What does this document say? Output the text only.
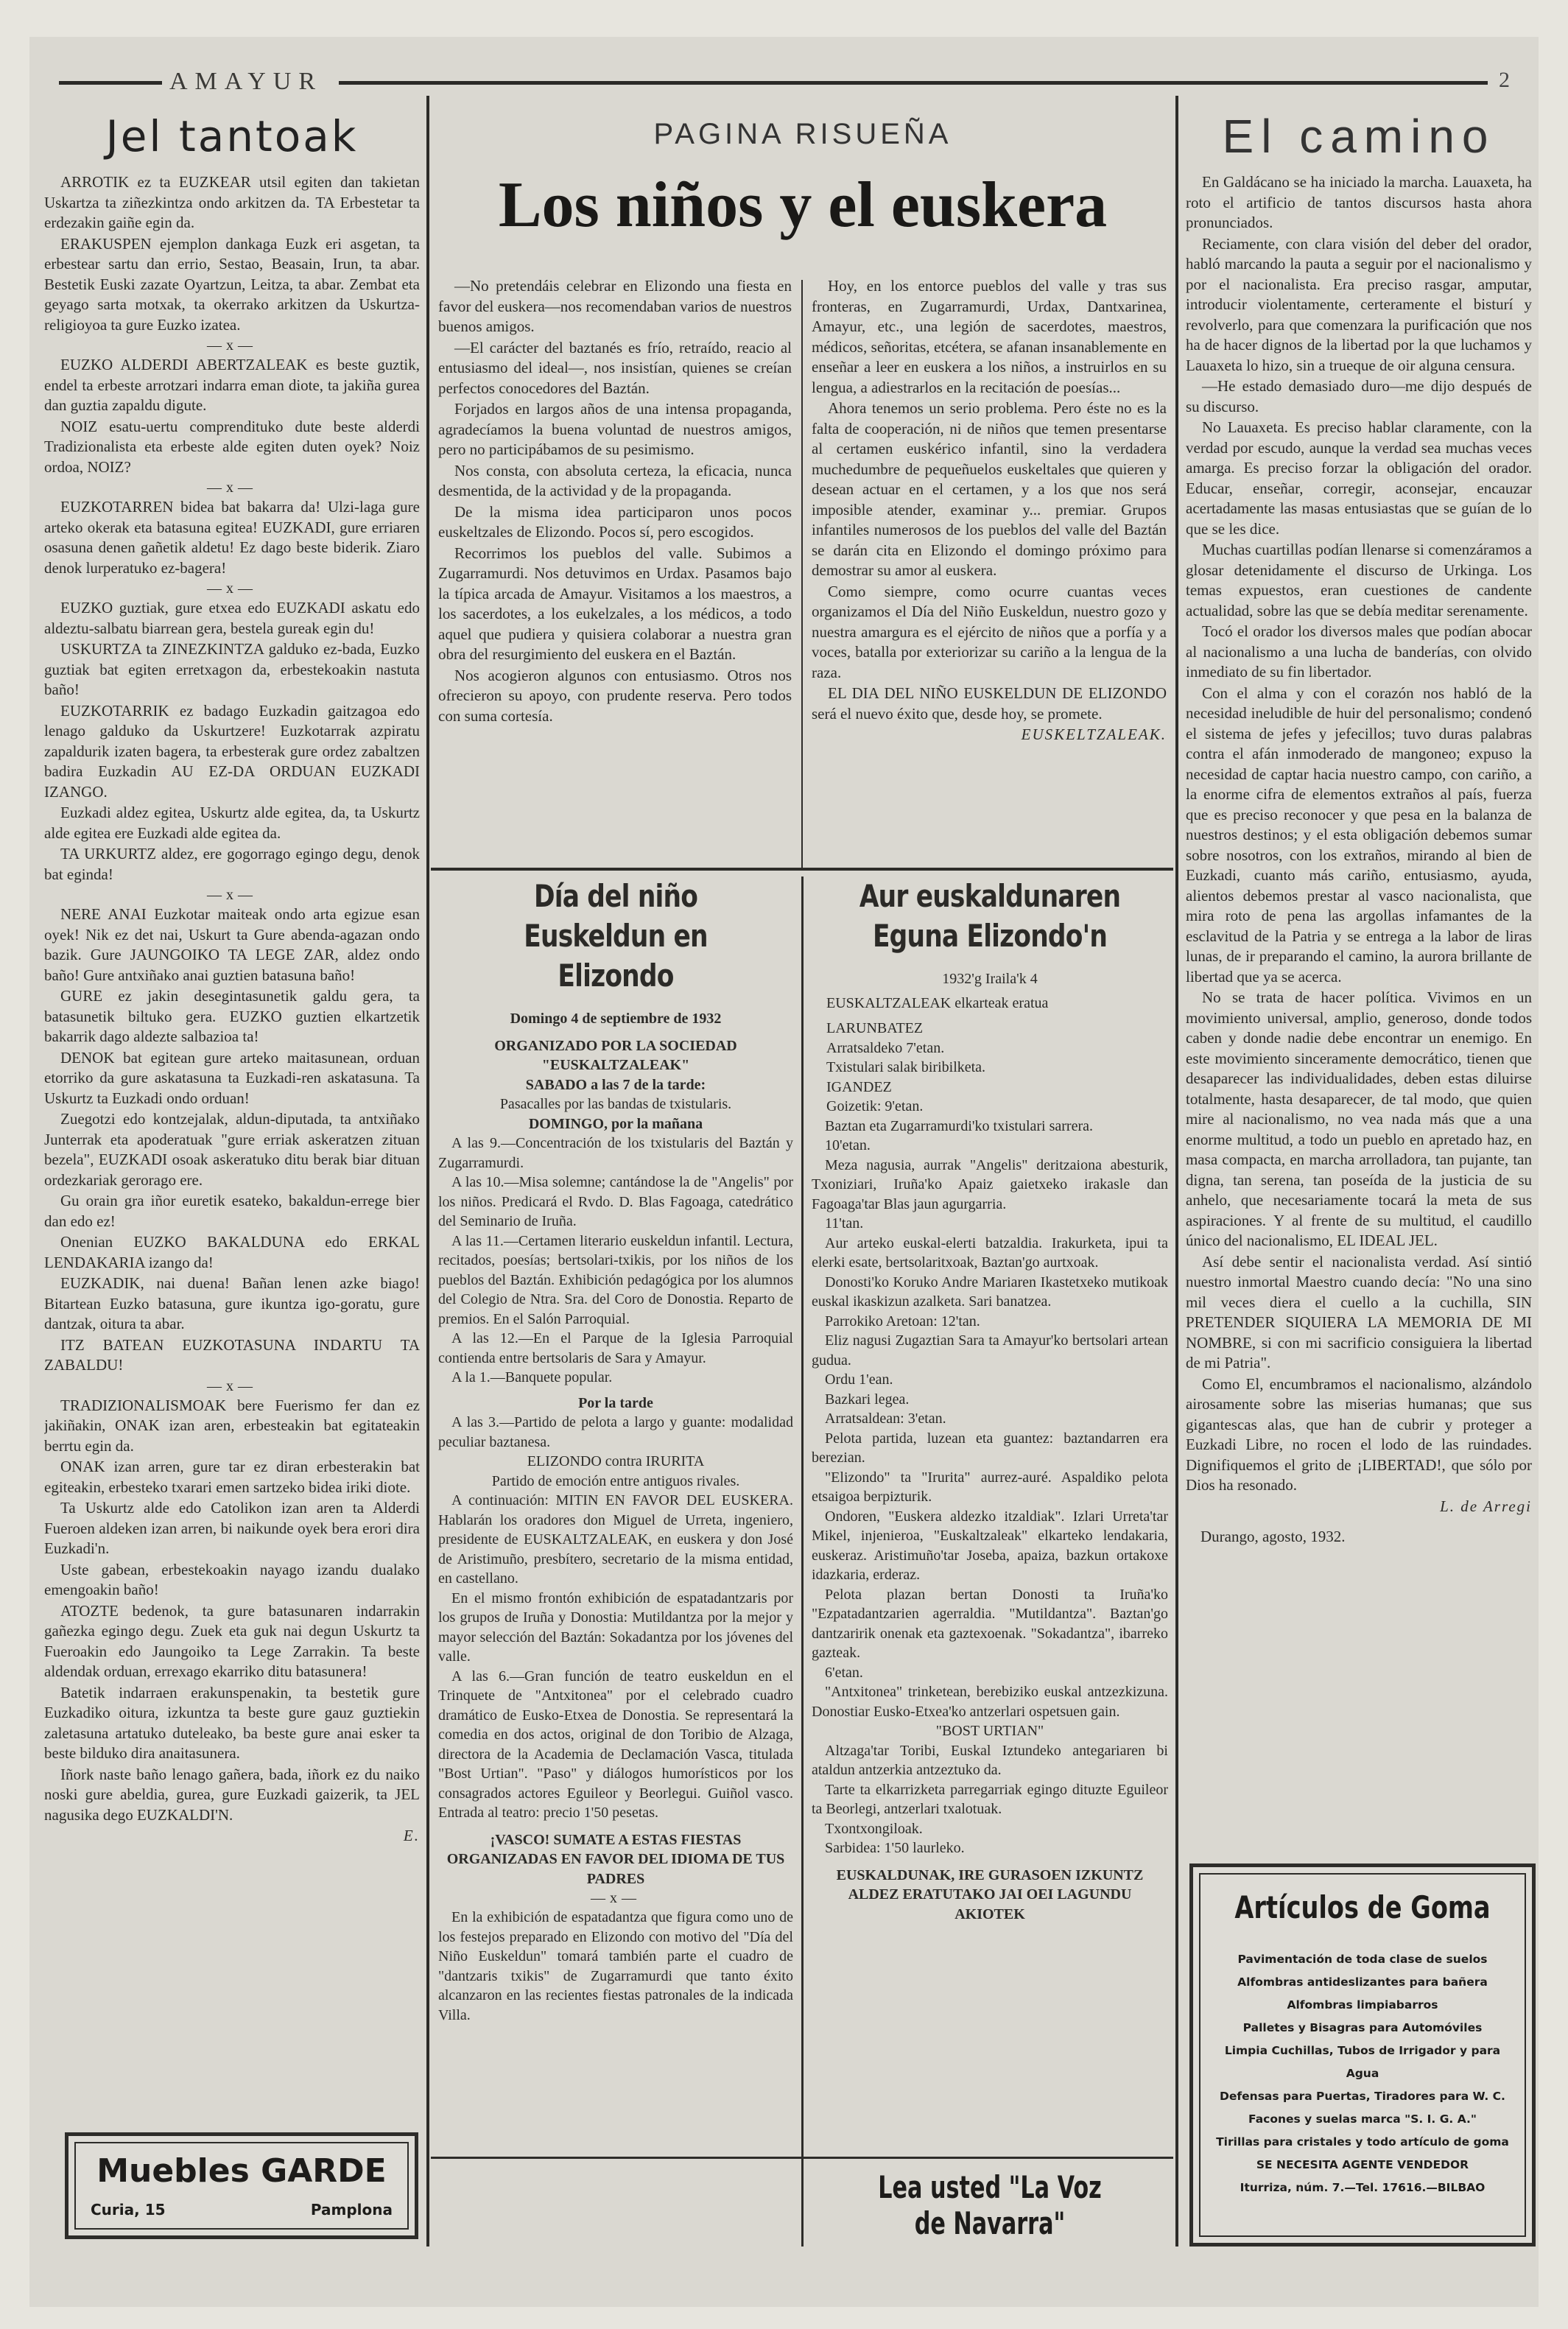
AMAYUR	2
Jel tantoak

ARROTIK ez ta EUZKEAR utsil egiten dan takietan Uskartza ta ziñezkintza ondo arkitzen da. TA Erbestetar ta erdezakin gaiñe egin da.

ERAKUSPEN ejemplon dankaga Euzk eri asgetan, ta erbestear sartu dan errio, Sestao, Beasain, Irun, ta abar. Bestetik Euski zazate Oyartzun, Leitza, ta abar. Zembat eta geyago sarta motxak, ta okerrako arkitzen da Uskurtza-religioyoa ta gure Euzko izatea.

—x—

EUZKO ALDERDI ABERTZALEAK es beste guztik, endel ta erbeste arrotzari indarra eman diote, ta jakiña gurea dan guztia zapaldu digute.

NOIZ esatu-uertu comprendituko dute beste alderdi Tradizionalista eta erbeste alde egiten duten oyek? Noiz ordoa, NOIZ?

—x—

EUZKOTARREN bidea bat bakarra da! Ulzi-laga gure arteko okerak eta batasuna egitea! EUZKADI, gure erriaren osasuna denen gañetik aldetu! Ez dago beste biderik. Ziaro denok lurperatuko ez-bagera!

—x—

EUZKO guztiak, gure etxea edo EUZKADI askatu edo aldeztu-salbatu biarrean gera, bestela gureak egin du!

USKURTZA ta ZINEZKINTZA galduko ez-bada, Euzko guztiak bat egiten erretxagon da, erbestekoakin nastuta baño!

EUZKOTARRIK ez badago Euzkadin gaitzagoa edo lenago galduko da Uskurtzere! Euzkotarrak azpiratu zapaldurik izaten bagera, ta erbesterak gure ordez zabaltzen badira Euzkadin AU EZ-DA ORDUAN EUZKADI IZANGO.

Euzkadi aldez egitea, Uskurtz alde egitea, da, ta Uskurtz alde egitea ere Euzkadi alde egitea da.

TA URKURTZ aldez, ere gogorrago egingo degu, denok bat eginda!

—x—

NERE ANAI Euzkotar maiteak ondo arta egizue esan oyek! Nik ez det nai, Uskurt ta Gure abenda-agazan ondo bazik. Gure JAUNGOIKO TA LEGE ZAR, aldez ondo baño! Gure antxiñako anai guztien batasuna baño!

GURE ez jakin desegintasunetik galdu gera, ta batasunetik biltuko gera. EUZKO guztien elkartzetik bakarrik dago aldezte salbazioa ta!

DENOK bat egitean gure arteko maitasunean, orduan etorriko da gure askatasuna ta Euzkadi-ren askatasuna. Ta Uskurtz ta Euzkadi ondo orduan!

Zuegotzi edo kontzejalak, aldun-diputada, ta antxiñako Junterrak eta apoderatuak "gure erriak askeratzen zituan bezela", EUZKADI osoak askeratuko ditu berak biar dituan ordezkariak gerorago ere.

Gu orain gra iñor euretik esateko, bakaldun-errege bier dan edo ez!

Onenian EUZKO BAKALDUNA edo ERKAL LENDAKARIA izango da!

EUZKADIK, nai duena! Bañan lenen azke biago! Bitartean Euzko batasuna, gure ikuntza igo-goratu, gure dantzak, oitura ta abar.

ITZ BATEAN EUZKOTASUNA INDARTU TA ZABALDU!

—x—

TRADIZIONALISMOAK bere Fuerismo fer dan ez jakiñakin, ONAK izan aren, erbesteakin bat egitateakin berrtu egin da.

ONAK izan arren, gure tar ez diran erbesterakin bat egiteakin, erbesteko txarari emen sartzeko bidea iriki diote.

Ta Uskurtz alde edo Catolikon izan aren ta Alderdi Fueroen aldeken izan arren, bi naikunde oyek bera erori dira Euzkadi'n.

Uste gabean, erbestekoakin nayago izandu dualako emengoakin baño!

ATOZTE bedenok, ta gure batasunaren indarrakin gañezka egingo degu. Zuek eta guk nai degun Uskurtz ta Fueroakin edo Jaungoiko ta Lege Zarrakin. Ta beste aldendak orduan, errexago ekarriko ditu batasunera!

Batetik indarraen erakunspenakin, ta bestetik gure Euzkadiko oitura, izkuntza ta beste gure gauz guztiekin zaletasuna artatuko duteleako, ba beste gure anai esker ta beste bilduko dira anaitasunera.

Iñork naste baño lenago gañera, bada, iñork ez du naiko noski gure abeldia, gurea, gure Euzkadi gaizerik, ta JEL nagusika dego EUZKALDI'N.

E.
Muebles GARDE
Curia, 15	Pamplona
PAGINA RISUEÑA
Los niños y el euskera

—No pretendáis celebrar en Elizondo una fiesta en favor del euskera—nos recomendaban varios de nuestros buenos amigos.

—El carácter del baztanés es frío, retraído, reacio al entusiasmo del ideal—, nos insistían, quienes se creían perfectos conocedores del Baztán.

Forjados en largos años de una intensa propaganda, agradecíamos la buena voluntad de nuestros amigos, pero no participábamos de su pesimismo.

Nos consta, con absoluta certeza, la eficacia, nunca desmentida, de la actividad y de la propaganda.

De la misma idea participaron unos pocos euskeltzales de Elizondo. Pocos sí, pero escogidos.

Recorrimos los pueblos del valle. Subimos a Zugarramurdi. Nos detuvimos en Urdax. Pasamos bajo la típica arcada de Amayur. Visitamos a los maestros, a los sacerdotes, a los eukelzales, a los médicos, a todo aquel que pudiera y quisiera colaborar a nuestra gran obra del resurgimiento del euskera en el Baztán.

Nos acogieron algunos con entusiasmo. Otros nos ofrecieron su apoyo, con prudente reserva. Pero todos con suma cortesía.

Hoy, en los entorce pueblos del valle y tras sus fronteras, en Zugarramurdi, Urdax, Dantxarinea, Amayur, etc., una legión de sacerdotes, maestros, médicos, señoritas, etcétera, se afanan insanablemente en enseñar a leer en euskera a los niños, a instruirlos en su lengua, a adiestrarlos en la recitación de poesías...

Ahora tenemos un serio problema. Pero éste no es la falta de cooperación, ni de niños que temen presentarse al certamen euskérico infantil, sino la verdadera muchedumbre de pequeñuelos euskeltales que quieren y desean actuar en el certamen, y a los que nos será imposible atender, examinar y... premiar. Grupos infantiles numerosos de los pueblos del valle del Baztán se darán cita en Elizondo el domingo próximo para demostrar su amor al euskera.

Como siempre, como ocurre cuantas veces organizamos el Día del Niño Euskeldun, nuestro gozo y nuestra amargura es el ejército de niños que a porfía y a voces, batalla por exteriorizar su cariño a la lengua de la raza.

EL DIA DEL NIÑO EUSKELDUN DE ELIZONDO será el nuevo éxito que, desde hoy, se promete.

EUSKELTZALEAK.
Día del niño Euskeldun en Elizondo
Domingo 4 de septiembre de 1932
ORGANIZADO POR LA SOCIEDAD "EUSKALTZALEAK"
SABADO a las 7 de la tarde:
Pasacalles por las bandas de txistularis.
DOMINGO, por la mañana

A las 9.—Concentración de los txistularis del Baztán y Zugarramurdi.

A las 10.—Misa solemne; cantándose la de "Angelis" por los niños. Predicará el Rvdo. D. Blas Fagoaga, catedrático del Seminario de Iruña.

A las 11.—Certamen literario euskeldun infantil. Lectura, recitados, poesías; bertsolari-txikis, por los niños de los pueblos del Baztán. Exhibición pedagógica por los alumnos del Colegio de Ntra. Sra. del Coro de Donostia. Reparto de premios. En el Salón Parroquial.

A las 12.—En el Parque de la Iglesia Parroquial contienda entre bertsolaris de Sara y Amayur.

A la 1.—Banquete popular.

Por la tarde

A las 3.—Partido de pelota a largo y guante: modalidad peculiar baztanesa.

ELIZONDO contra IRURITA
Partido de emoción entre antiguos rivales.

A continuación: MITIN EN FAVOR DEL EUSKERA. Hablarán los oradores don Miguel de Urreta, ingeniero, presidente de EUSKALTZALEAK, en euskera y don José de Aristimuño, presbítero, secretario de la misma entidad, en castellano.

En el mismo frontón exhibición de espatadantzaris por los grupos de Iruña y Donostia: Mutildantza por la mejor y mayor selección del Baztán: Sokadantza por los jóvenes del valle.

A las 6.—Gran función de teatro euskeldun en el Trinquete de "Antxitonea" por el celebrado cuadro dramático de Eusko-Etxea de Donostia. Se representará la comedia en dos actos, original de don Toribio de Alzaga, directora de la Academia de Declamación Vasca, titulada "Bost Urtian". "Paso" y diálogos humorísticos por los consagrados actores Eguileor y Beorlegui. Guiñol vasco. Entrada al teatro: precio 1'50 pesetas.

¡VASCO! SUMATE A ESTAS FIESTAS ORGANIZADAS EN FAVOR DEL IDIOMA DE TUS PADRES
—x—

En la exhibición de espatadantza que figura como uno de los festejos preparado en Elizondo con motivo del "Día del Niño Euskeldun" tomará también parte el cuadro de "dantzaris txikis" de Zugarramurdi que tanto éxito alcanzaron en las recientes fiestas patronales de la indicada Villa.

Aur euskaldunaren Eguna Elizondo'n
1932'g Iraila'k 4
EUSKALTZALEAK elkarteak eratua
LARUNBATEZ
Arratsaldeko 7'etan.
Txistulari salak biribilketa.
IGANDEZ
Goizetik: 9'etan.

Baztan eta Zugarramurdi'ko txistulari sarrera.

10'etan.

Meza nagusia, aurrak "Angelis" deritzaiona abesturik, Txoniziari, Iruña'ko Apaiz gaietxeko irakasle dan Fagoaga'tar Blas jaun agurgarria.

11'tan.

Aur arteko euskal-elerti batzaldia. Irakurketa, ipui ta elerki esate, bertsolaritxoak, Baztan'go aurtxoak.

Donosti'ko Koruko Andre Mariaren Ikastetxeko mutikoak euskal ikaskizun azalketa. Sari banatzea.

Parrokiko Aretoan: 12'tan.

Eliz nagusi Zugaztian Sara ta Amayur'ko bertsolari artean gudua.

Ordu 1'ean.

Bazkari legea.

Arratsaldean: 3'etan.

Pelota partida, luzean eta guantez: baztandarren era berezian.

"Elizondo" ta "Irurita" aurrez-auré. Aspaldiko pelota etsaigoa berpizturik.

Ondoren, "Euskera aldezko itzaldiak". Izlari Urreta'tar Mikel, injenieroa, "Euskaltzaleak" elkarteko lendakaria, euskeraz. Aristimuño'tar Joseba, apaiza, bazkun ortakoxe idazkaria, erderaz.

Pelota plazan bertan Donosti ta Iruña'ko "Ezpatadantzarien agerraldia. "Mutildantza". Baztan'go dantzaririk onenak eta gaztexoenak. "Sokadantza", ibarreko gazteak.

6'etan.

"Antxitonea" trinketean, berebiziko euskal antzezkizuna. Donostiar Eusko-Etxea'ko antzerlari ospetsuen gain.

"BOST URTIAN"

Altzaga'tar Toribi, Euskal Iztundeko antegariaren bi ataldun antzerkia antzeztuko da.

Tarte ta elkarrizketa parregarriak egingo dituzte Eguileor ta Beorlegi, antzerlari txalotuak.

Txontxongiloak.

Sarbidea: 1'50 laurleko.

EUSKALDUNAK, IRE GURASOEN IZKUNTZ ALDEZ ERATUTAKO JAI OEI LAGUNDU AKIOTEK
Lea usted "La Voz de Navarra"
El camino

En Galdácano se ha iniciado la marcha. Lauaxeta, ha roto el artificio de tantos discursos hasta ahora pronunciados.

Reciamente, con clara visión del deber del orador, habló marcando la pauta a seguir por el nacionalismo y por el nacionalista. Era preciso rasgar, amputar, introducir violentamente, certeramente el bisturí y revolverlo, para que comenzara la purificación que nos ha de hacer dignos de la libertad por la que luchamos y Lauaxeta lo hizo, sin a trueque de oir alguna censura.

—He estado demasiado duro—me dijo después de su discurso.

No Lauaxeta. Es preciso hablar claramente, con la verdad por escudo, aunque la verdad sea muchas veces amarga. Es preciso forzar la obligación del orador. Educar, enseñar, corregir, aconsejar, encauzar acertadamente las masas entusiastas que se guían de lo que se les dice.

Muchas cuartillas podían llenarse si comenzáramos a glosar detenidamente el discurso de Urkinga. Los temas expuestos, eran cuestiones de candente actualidad, sobre las que se debía meditar serenamente.

Tocó el orador los diversos males que podían abocar al nacionalismo a una lucha de banderías, con olvido inmediato de su fin libertador.

Con el alma y con el corazón nos habló de la necesidad ineludible de huir del personalismo; condenó el sistema de jefes y jefecillos; tuvo duras palabras contra el afán inmoderado de mangoneo; expuso la necesidad de captar hacia nuestro campo, con cariño, a la enorme cifra de elementos extraños al país, fuerza que es preciso reconocer y que pesa en la balanza de nuestros destinos; y el esta obligación debemos sumar sobre nosotros, con los extraños, mirando al bien de Euzkadi, cuanto más cariño, entusiasmo, ayuda, alientos debemos prestar al vasco nacionalista, que mira roto de pena las argollas infamantes de la esclavitud de la Patria y se entrega a la labor de liras lunas, de ir preparando el camino, la aurora brillante de libertad que ya se acerca.

No se trata de hacer política. Vivimos en un movimiento universal, amplio, generoso, donde todos caben y donde nadie debe encontrar un enemigo. En este movimiento sinceramente democrático, tienen que desaparecer las individualidades, deben estas diluirse totalmente, hasta desaparecer, de tal modo, que quien mire al nacionalismo, no vea nada más que a una enorme multitud, a todo un pueblo en apretado haz, en masa compacta, en marcha arrolladora, tan pujante, tan digna, tan serena, tan poseída de la justicia de su anhelo, que necesariamente tocará la meta de sus aspiraciones. Y al frente de su multitud, el caudillo único del nacionalismo, EL IDEAL JEL.

Así debe sentir el nacionalista verdad. Así sintió nuestro inmortal Maestro cuando decía: "No una sino mil veces diera el cuello a la cuchilla, SIN PRETENDER SIQUIERA LA MEMORIA DE MI NOMBRE, si con mi sacrificio consiguiera la libertad de mi Patria".

Como El, encumbramos el nacionalismo, alzándolo airosamente sobre las miserias humanas; que sus gigantescas alas, que han de cubrir y proteger a Euzkadi Libre, no rocen el lodo de las ruindades. Dignifiquemos el grito de ¡LIBERTAD!, que sólo por Dios ha resonado.

L. de Arregi
Durango, agosto, 1932.
Artículos de Goma
Pavimentación de toda clase de suelos
Alfombras antideslizantes para bañera
Alfombras limpiabarros
Palletes y Bisagras para Automóviles
Limpia Cuchillas, Tubos de Irrigador y para Agua
Defensas para Puertas, Tiradores para W. C.
Facones y suelas marca "S. I. G. A."
Tirillas para cristales y todo artículo de goma
SE NECESITA AGENTE VENDEDOR
Iturriza, núm. 7.—Tel. 17616.—BILBAO
